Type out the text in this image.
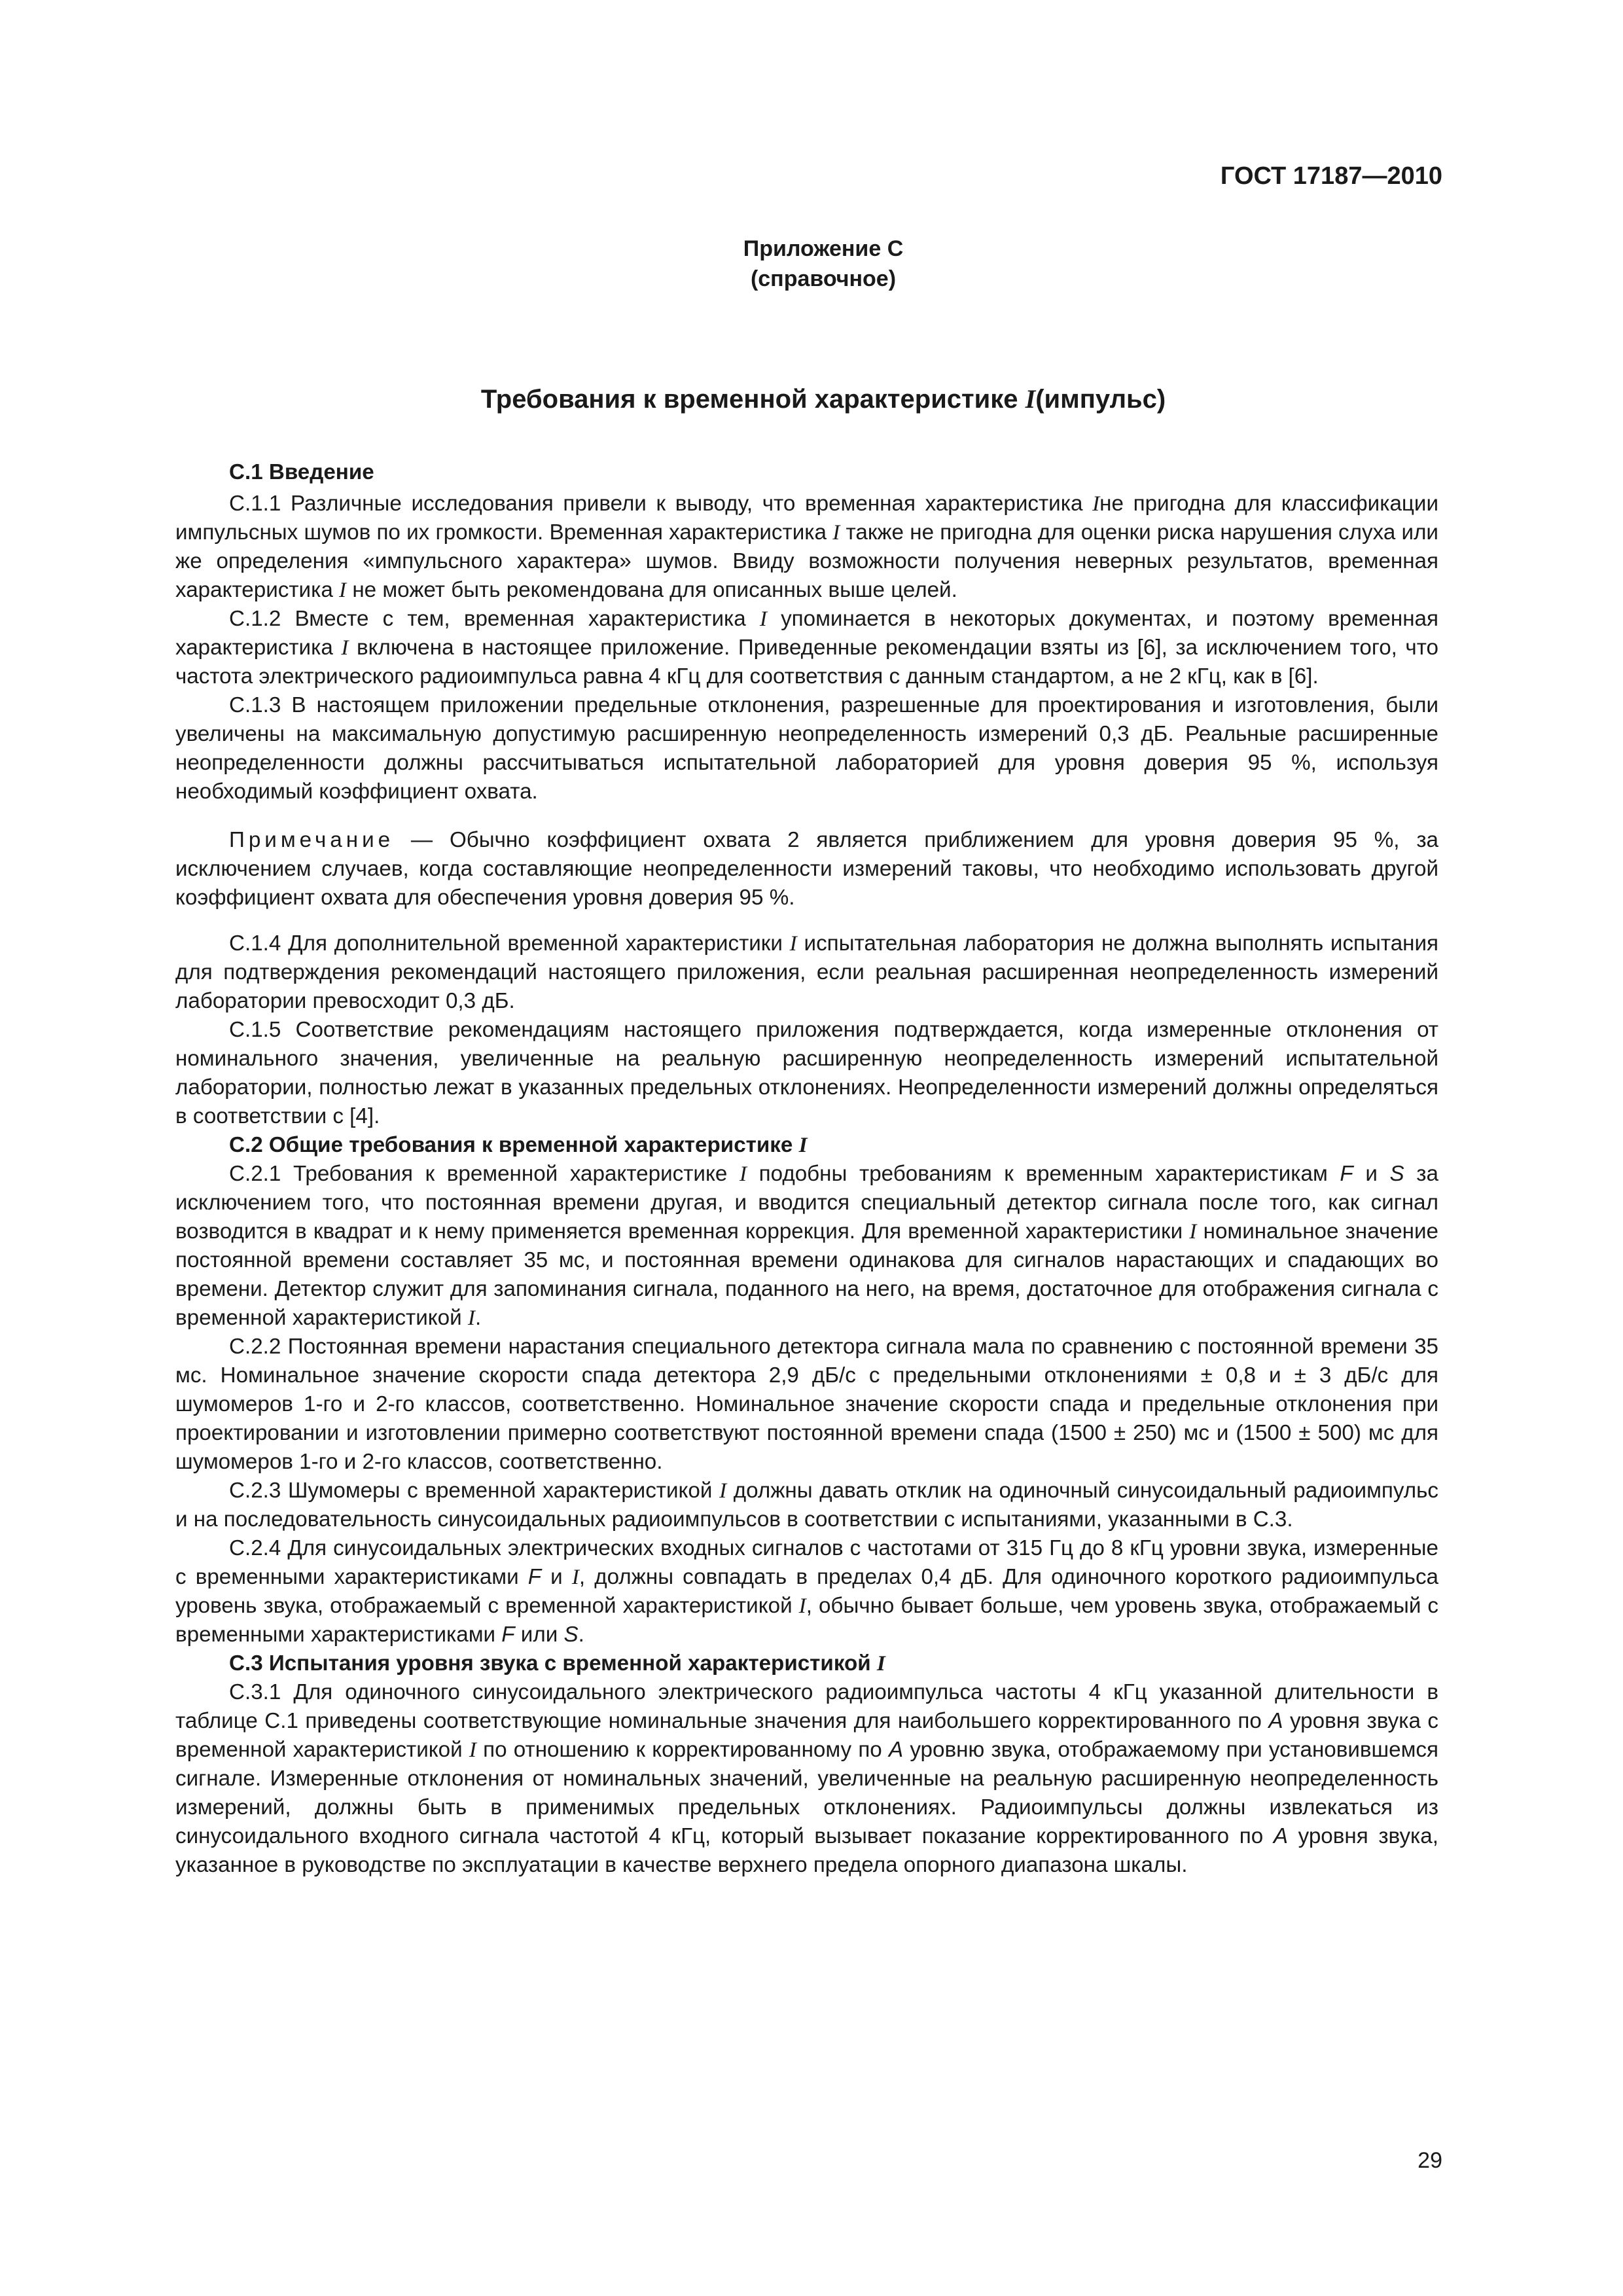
ГОСТ 17187—2010
Приложение С
(справочное)
Требования к временной характеристике I(импульс)
С.1 Введение

С.1.1 Различные исследования привели к выводу, что временная характеристика Iне пригодна для классификации импульсных шумов по их громкости. Временная характеристика I также не пригодна для оценки риска нарушения слуха или же определения «импульсного характера» шумов. Ввиду возможности получения неверных результатов, временная характеристика I не может быть рекомендована для описанных выше целей.

С.1.2 Вместе с тем, временная характеристика I упоминается в некоторых документах, и поэтому временная характеристика I включена в настоящее приложение. Приведенные рекомендации взяты из [6], за исключением того, что частота электрического радиоимпульса равна 4 кГц для соответствия с данным стандартом, а не 2 кГц, как в [6].

С.1.3 В настоящем приложении предельные отклонения, разрешенные для проектирования и изготовления, были увеличены на максимальную допустимую расширенную неопределенность измерений 0,3 дБ. Реальные расширенные неопределенности должны рассчитываться испытательной лабораторией для уровня доверия 95 %, используя необходимый коэффициент охвата.

Примечание — Обычно коэффициент охвата 2 является приближением для уровня доверия 95 %, за исключением случаев, когда составляющие неопределенности измерений таковы, что необходимо использовать другой коэффициент охвата для обеспечения уровня доверия 95 %.

С.1.4 Для дополнительной временной характеристики I испытательная лаборатория не должна выполнять испытания для подтверждения рекомендаций настоящего приложения, если реальная расширенная неопределенность измерений лаборатории превосходит 0,3 дБ.

С.1.5 Соответствие рекомендациям настоящего приложения подтверждается, когда измеренные отклонения от номинального значения, увеличенные на реальную расширенную неопределенность измерений испытательной лаборатории, полностью лежат в указанных предельных отклонениях. Неопределенности измерений должны определяться в соответствии с [4].

С.2 Общие требования к временной характеристике I

С.2.1 Требования к временной характеристике I подобны требованиям к временным характеристикам F и S за исключением того, что постоянная времени другая, и вводится специальный детектор сигнала после того, как сигнал возводится в квадрат и к нему применяется временная коррекция. Для временной характеристики I номинальное значение постоянной времени составляет 35 мс, и постоянная времени одинакова для сигналов нарастающих и спадающих во времени. Детектор служит для запоминания сигнала, поданного на него, на время, достаточное для отображения сигнала с временной характеристикой I.

С.2.2 Постоянная времени нарастания специального детектора сигнала мала по сравнению с постоянной времени 35 мс. Номинальное значение скорости спада детектора 2,9 дБ/с с предельными отклонениями ± 0,8 и ± 3 дБ/с для шумомеров 1-го и 2-го классов, соответственно. Номинальное значение скорости спада и предельные отклонения при проектировании и изготовлении примерно соответствуют постоянной времени спада (1500 ± 250) мс и (1500 ± 500) мс для шумомеров 1-го и 2-го классов, соответственно.

С.2.3 Шумомеры с временной характеристикой I должны давать отклик на одиночный синусоидальный радиоимпульс и на последовательность синусоидальных радиоимпульсов в соответствии с испытаниями, указанными в С.3.

С.2.4 Для синусоидальных электрических входных сигналов с частотами от 315 Гц до 8 кГц уровни звука, измеренные с временными характеристиками F и I, должны совпадать в пределах 0,4 дБ. Для одиночного короткого радиоимпульса уровень звука, отображаемый с временной характеристикой I, обычно бывает больше, чем уровень звука, отображаемый с временными характеристиками F или S.

С.3 Испытания уровня звука с временной характеристикой I

С.3.1 Для одиночного синусоидального электрического радиоимпульса частоты 4 кГц указанной длительности в таблице С.1 приведены соответствующие номинальные значения для наибольшего корректированного по A уровня звука с временной характеристикой I по отношению к корректированному по A уровню звука, отображаемому при установившемся сигнале. Измеренные отклонения от номинальных значений, увеличенные на реальную расширенную неопределенность измерений, должны быть в применимых предельных отклонениях. Радиоимпульсы должны извлекаться из синусоидального входного сигнала частотой 4 кГц, который вызывает показание корректированного по A уровня звука, указанное в руководстве по эксплуатации в качестве верхнего предела опорного диапазона шкалы.

29
